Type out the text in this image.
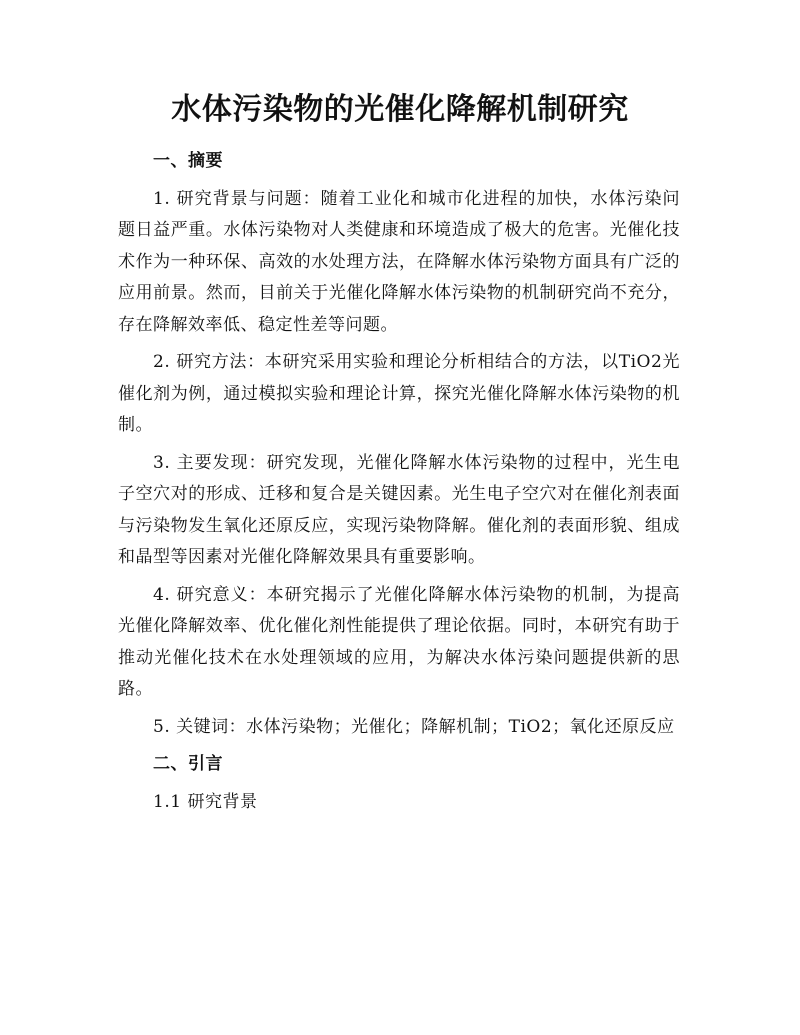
水体污染物的光催化降解机制研究
一、摘要

1. 研究背景与问题：随着工业化和城市化进程的加快，水体污染问题日益严重。水体污染物对人类健康和环境造成了极大的危害。光催化技术作为一种环保、高效的水处理方法，在降解水体污染物方面具有广泛的应用前景。然而，目前关于光催化降解水体污染物的机制研究尚不充分，存在降解效率低、稳定性差等问题。

2. 研究方法：本研究采用实验和理论分析相结合的方法，以TiO2光催化剂为例，通过模拟实验和理论计算，探究光催化降解水体污染物的机制。

3. 主要发现：研究发现，光催化降解水体污染物的过程中，光生电子空穴对的形成、迁移和复合是关键因素。光生电子空穴对在催化剂表面与污染物发生氧化还原反应，实现污染物降解。催化剂的表面形貌、组成和晶型等因素对光催化降解效果具有重要影响。

4. 研究意义：本研究揭示了光催化降解水体污染物的机制，为提高光催化降解效率、优化催化剂性能提供了理论依据。同时，本研究有助于推动光催化技术在水处理领域的应用，为解决水体污染问题提供新的思路。

5. 关键词：水体污染物；光催化；降解机制；TiO2；氧化还原反应

二、引言
1.1 研究背景
